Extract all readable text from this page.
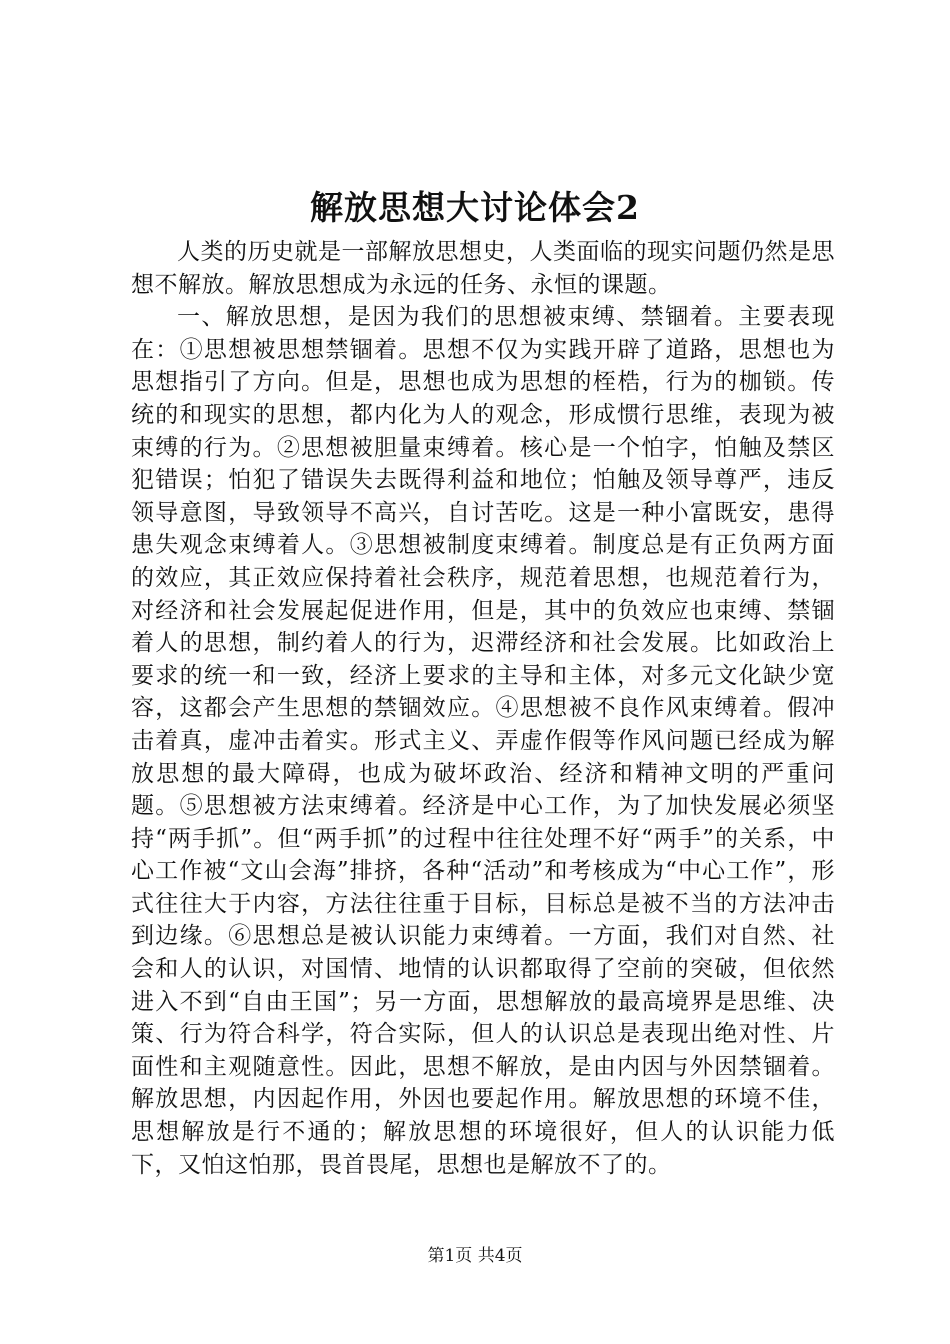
解放思想大讨论体会2

人类的历史就是一部解放思想史，人类面临的现实问题仍然是思想不解放。解放思想成为永远的任务、永恒的课题。

一、解放思想，是因为我们的思想被束缚、禁锢着。主要表现在：①思想被思想禁锢着。思想不仅为实践开辟了道路，思想也为思想指引了方向。但是，思想也成为思想的桎梏，行为的枷锁。传统的和现实的思想，都内化为人的观念，形成惯行思维，表现为被束缚的行为。②思想被胆量束缚着。核心是一个怕字，怕触及禁区犯错误；怕犯了错误失去既得利益和地位；怕触及领导尊严，违反领导意图，导致领导不高兴，自讨苦吃。这是一种小富既安，患得患失观念束缚着人。③思想被制度束缚着。制度总是有正负两方面的效应，其正效应保持着社会秩序，规范着思想，也规范着行为，对经济和社会发展起促进作用，但是，其中的负效应也束缚、禁锢着人的思想，制约着人的行为，迟滞经济和社会发展。比如政治上要求的统一和一致，经济上要求的主导和主体，对多元文化缺少宽容，这都会产生思想的禁锢效应。④思想被不良作风束缚着。假冲击着真，虚冲击着实。形式主义、弄虚作假等作风问题已经成为解放思想的最大障碍，也成为破坏政治、经济和精神文明的严重问题。⑤思想被方法束缚着。经济是中心工作，为了加快发展必须坚持“两手抓”。但“两手抓”的过程中往往处理不好“两手”的关系，中心工作被“文山会海”排挤，各种“活动”和考核成为“中心工作”，形式往往大于内容，方法往往重于目标，目标总是被不当的方法冲击到边缘。⑥思想总是被认识能力束缚着。一方面，我们对自然、社会和人的认识，对国情、地情的认识都取得了空前的突破，但依然进入不到“自由王国”；另一方面，思想解放的最高境界是思维、决策、行为符合科学，符合实际，但人的认识总是表现出绝对性、片面性和主观随意性。因此，思想不解放，是由内因与外因禁锢着。解放思想，内因起作用，外因也要起作用。解放思想的环境不佳，思想解放是行不通的；解放思想的环境很好，但人的认识能力低下，又怕这怕那，畏首畏尾，思想也是解放不了的。

第1页 共4页
